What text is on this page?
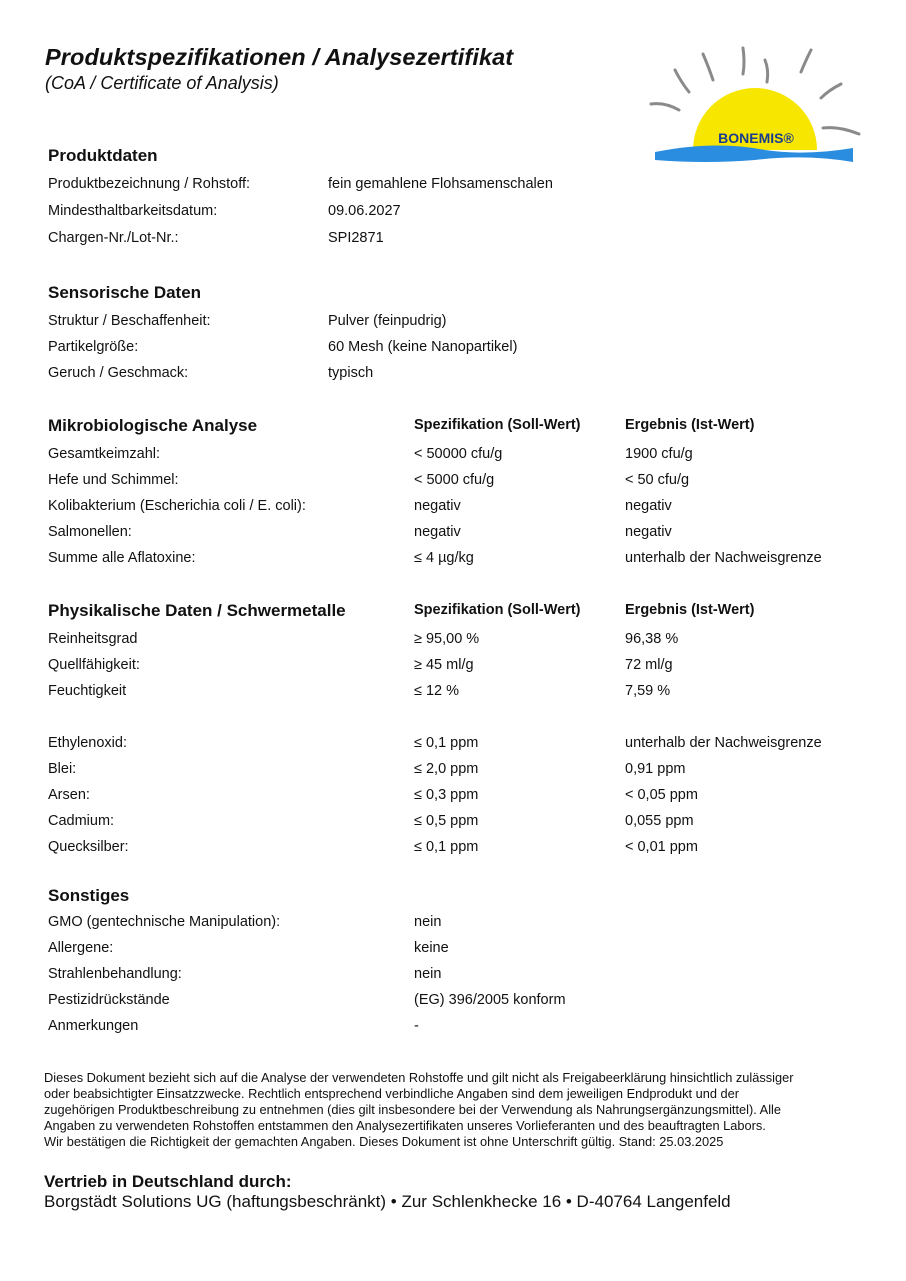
Produktspezifikationen / Analysezertifikat
(CoA / Certificate of Analysis)
BONEMIS®
Produktdaten
Produktbezeichnung / Rohstoff:	fein gemahlene Flohsamenschalen
Mindesthaltbarkeitsdatum:	09.06.2027
Chargen-Nr./Lot-Nr.:	SPI2871
Sensorische Daten
Struktur / Beschaffenheit:	Pulver (feinpudrig)
Partikelgröße:	60 Mesh (keine Nanopartikel)
Geruch / Geschmack:	typisch
Mikrobiologische Analyse	Spezifikation (Soll-Wert)	Ergebnis (Ist-Wert)
Gesamtkeimzahl:	< 50000 cfu/g	1900 cfu/g
Hefe und Schimmel:	< 5000 cfu/g	< 50 cfu/g
Kolibakterium (Escherichia coli / E. coli):	negativ	negativ
Salmonellen:	negativ	negativ
Summe alle Aflatoxine:	≤ 4 µg/kg	unterhalb der Nachweisgrenze
Physikalische Daten / Schwermetalle	Spezifikation (Soll-Wert)	Ergebnis (Ist-Wert)
Reinheitsgrad	≥ 95,00 %	96,38 %
Quellfähigkeit:	≥ 45 ml/g	72 ml/g
Feuchtigkeit	≤ 12 %	7,59 %
Ethylenoxid:	≤ 0,1 ppm	unterhalb der Nachweisgrenze
Blei:	≤ 2,0 ppm	0,91 ppm
Arsen:	≤ 0,3 ppm	< 0,05 ppm
Cadmium:	≤ 0,5 ppm	0,055 ppm
Quecksilber:	≤ 0,1 ppm	< 0,01 ppm
Sonstiges
GMO (gentechnische Manipulation):	nein
Allergene:	keine
Strahlenbehandlung:	nein
Pestizidrückstände	(EG) 396/2005 konform
Anmerkungen	-

Dieses Dokument bezieht sich auf die Analyse der verwendeten Rohstoffe und gilt nicht als Freigabeerklärung hinsichtlich zulässiger

oder beabsichtigter Einsatzzwecke. Rechtlich entsprechend verbindliche Angaben sind dem jeweiligen Endprodukt und der

zugehörigen Produktbeschreibung zu entnehmen (dies gilt insbesondere bei der Verwendung als Nahrungsergänzungsmittel). Alle

Angaben zu verwendeten Rohstoffen entstammen den Analysezertifikaten unseres Vorlieferanten und des beauftragten Labors.

Wir bestätigen die Richtigkeit der gemachten Angaben. Dieses Dokument ist ohne Unterschrift gültig. Stand: 25.03.2025

Vertrieb in Deutschland durch:
Borgstädt Solutions UG (haftungsbeschränkt) • Zur Schlenkhecke 16 • D-40764 Langenfeld
